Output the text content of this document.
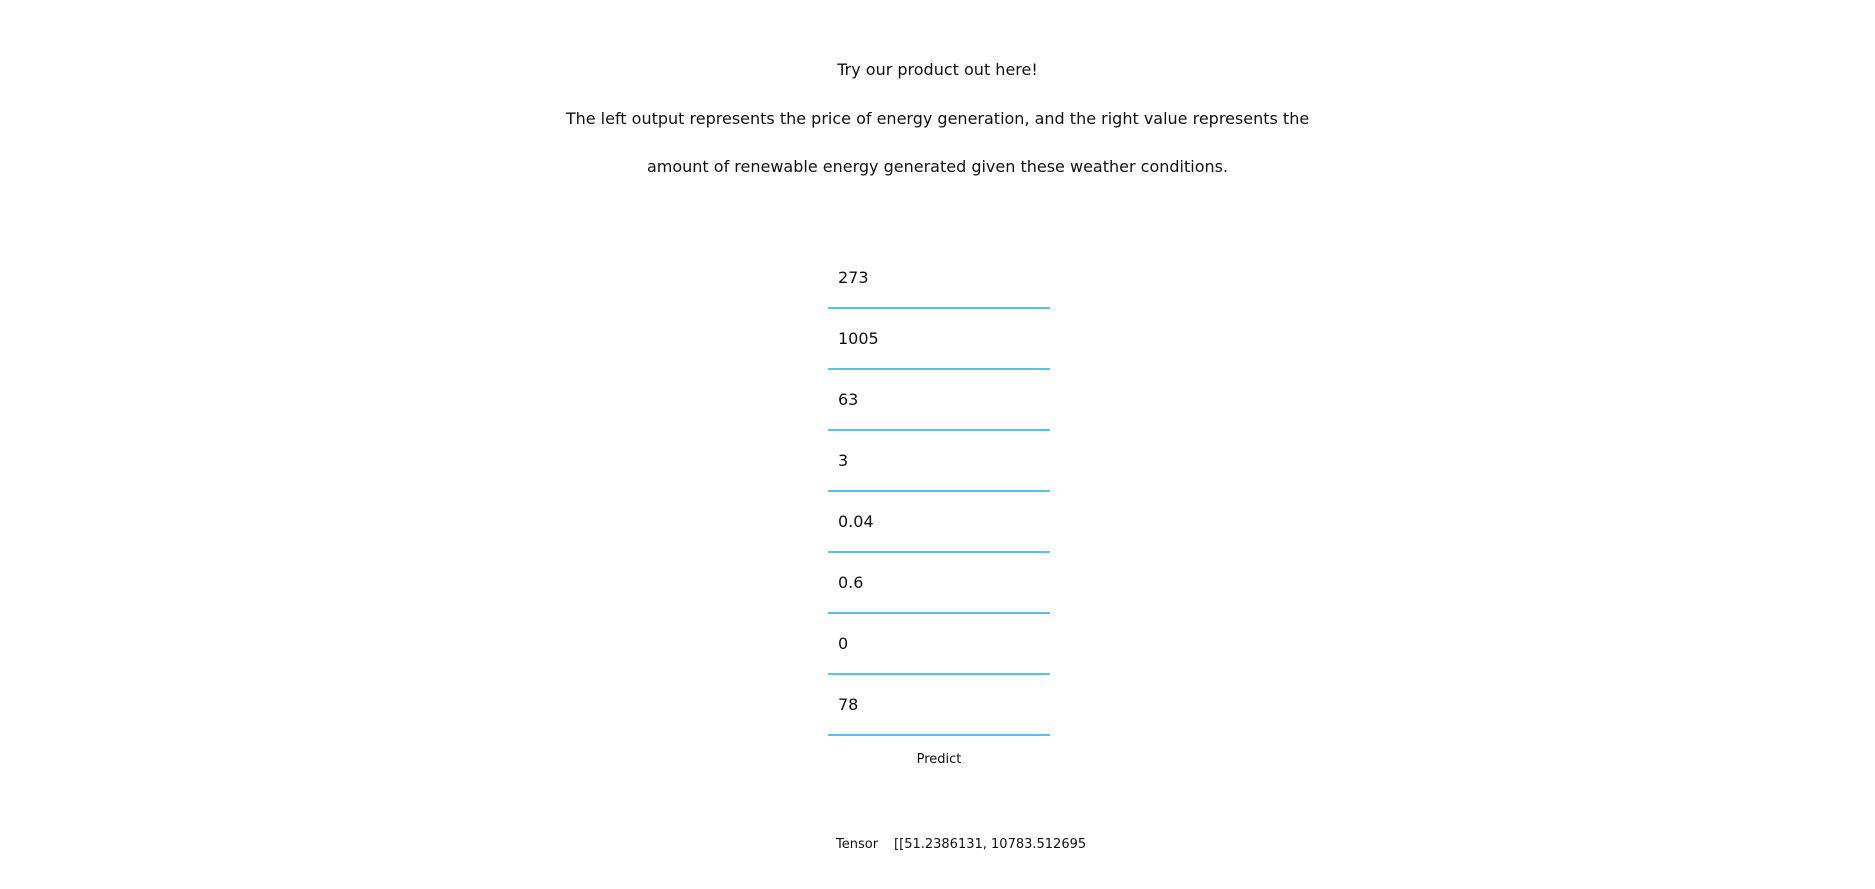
Try our product out here!
The left output represents the price of energy generation, and the right value represents the
amount of renewable energy generated given these weather conditions.
273
1005
63
3
0.04
0.6
0
78
Predict
Tensor [[51.2386131, 10783.512695
